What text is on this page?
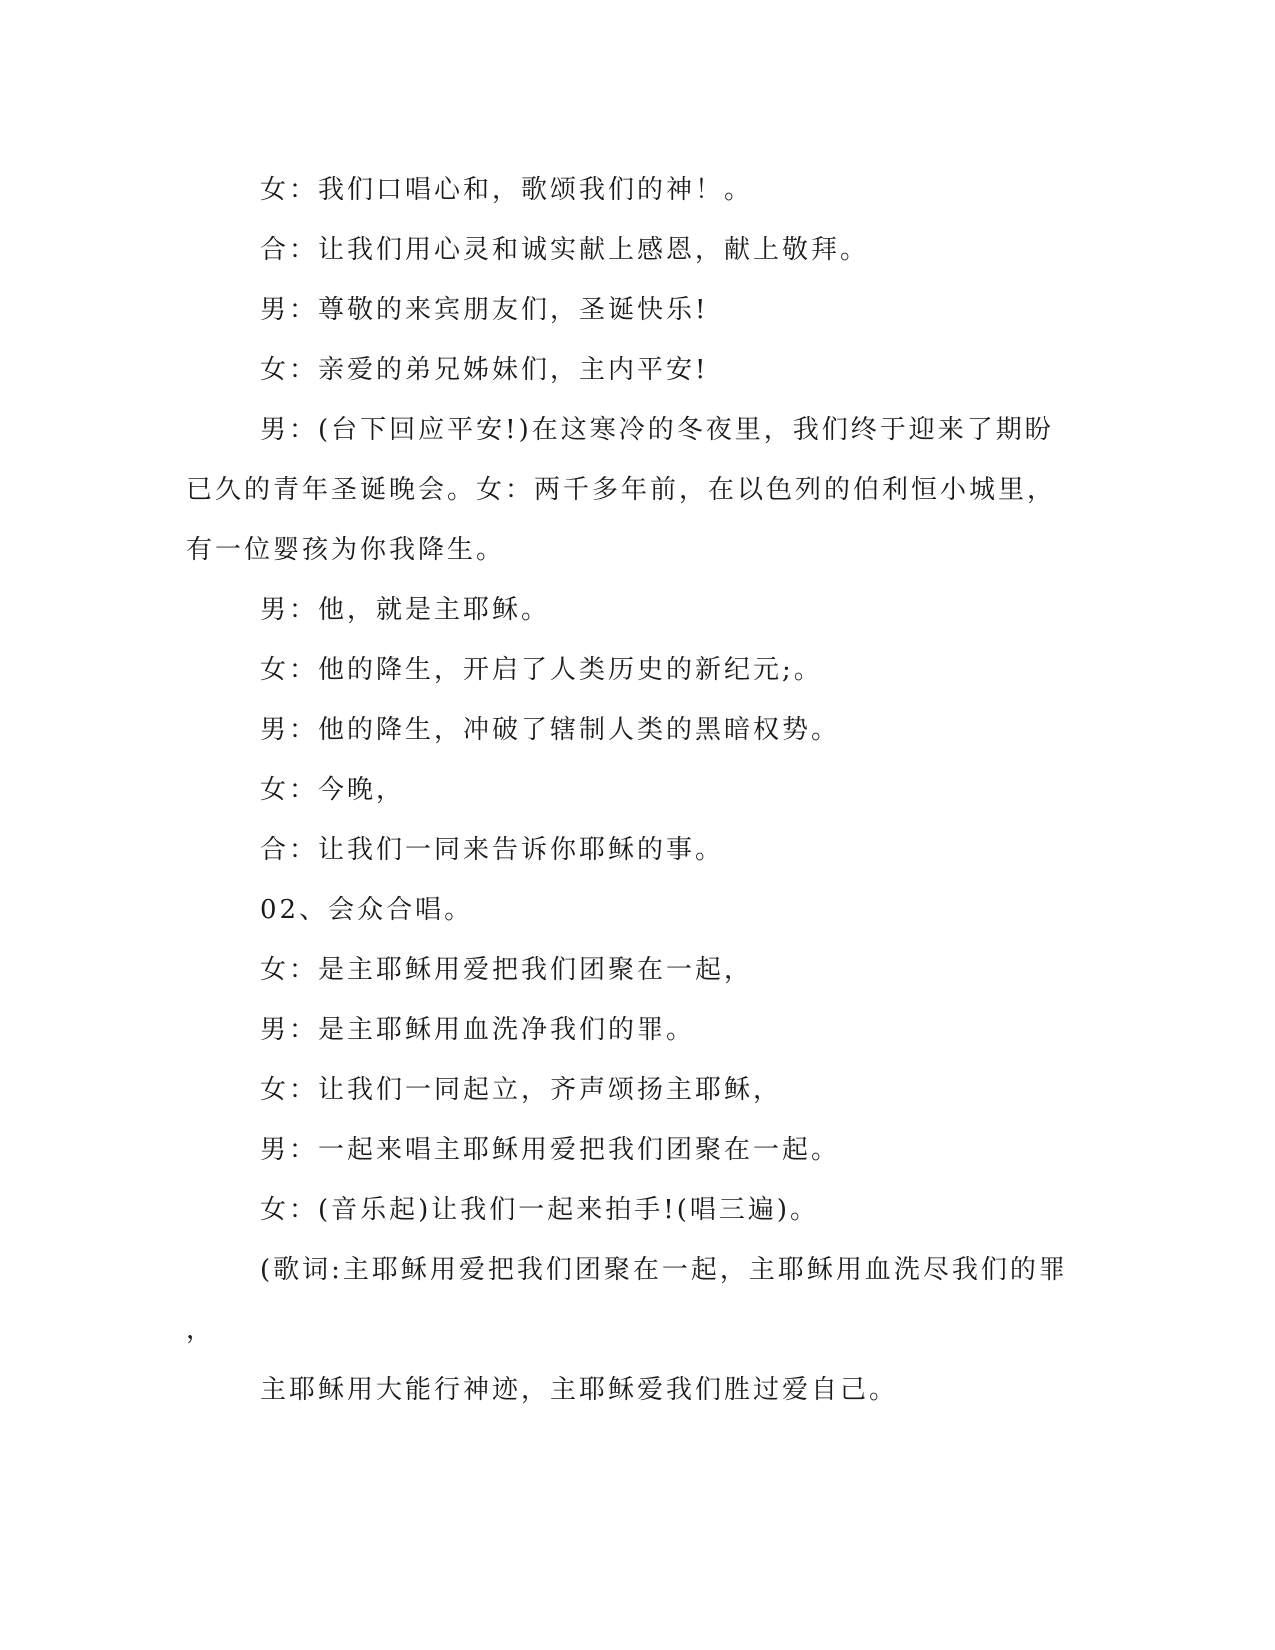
女：我们口唱心和，歌颂我们的神！。

合：让我们用心灵和诚实献上感恩，献上敬拜。

男：尊敬的来宾朋友们，圣诞快乐!

女：亲爱的弟兄姊妹们，主内平安!

男：(台下回应平安!)在这寒冷的冬夜里，我们终于迎来了期盼已久的青年圣诞晚会。女：两千多年前，在以色列的伯利恒小城里，有一位婴孩为你我降生。

男：他，就是主耶稣。

女：他的降生，开启了人类历史的新纪元;。

男：他的降生，冲破了辖制人类的黑暗权势。

女：今晚，

合：让我们一同来告诉你耶稣的事。

02、会众合唱。

女：是主耶稣用爱把我们团聚在一起，

男：是主耶稣用血洗净我们的罪。

女：让我们一同起立，齐声颂扬主耶稣，

男：一起来唱主耶稣用爱把我们团聚在一起。

女：(音乐起)让我们一起来拍手!(唱三遍)。

(歌词:主耶稣用爱把我们团聚在一起，主耶稣用血洗尽我们的罪

，

主耶稣用大能行神迹，主耶稣爱我们胜过爱自己。
